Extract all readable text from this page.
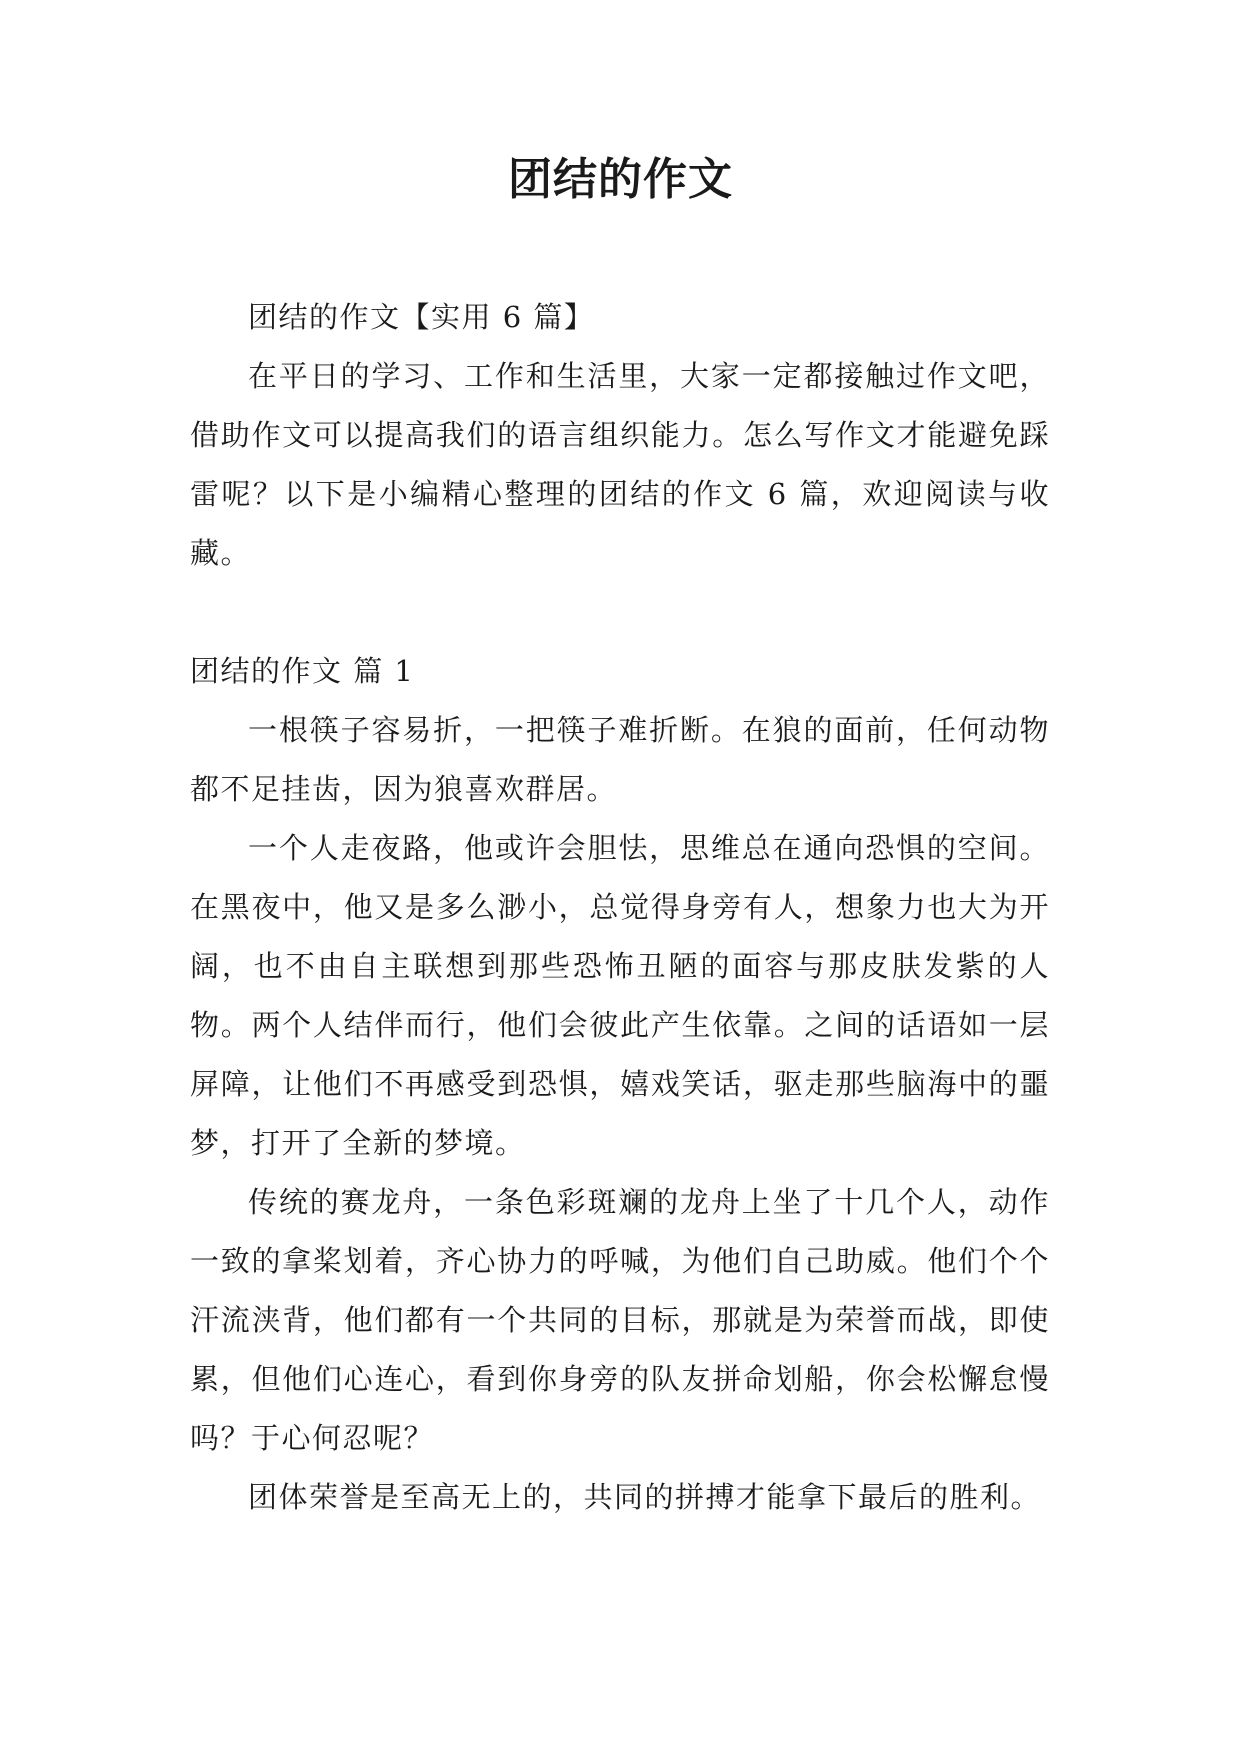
团结的作文

团结的作文【实用 6 篇】

在平日的学习、工作和生活里，大家一定都接触过作文吧，借助作文可以提高我们的语言组织能力。怎么写作文才能避免踩雷呢？以下是小编精心整理的团结的作文 6 篇，欢迎阅读与收藏。

团结的作文 篇 1

一根筷子容易折，一把筷子难折断。在狼的面前，任何动物都不足挂齿，因为狼喜欢群居。

一个人走夜路，他或许会胆怯，思维总在通向恐惧的空间。在黑夜中，他又是多么渺小，总觉得身旁有人，想象力也大为开阔，也不由自主联想到那些恐怖丑陋的面容与那皮肤发紫的人物。两个人结伴而行，他们会彼此产生依靠。之间的话语如一层屏障，让他们不再感受到恐惧，嬉戏笑话，驱走那些脑海中的噩梦，打开了全新的梦境。

传统的赛龙舟，一条色彩斑斓的龙舟上坐了十几个人，动作一致的拿桨划着，齐心协力的呼喊，为他们自己助威。他们个个汗流浃背，他们都有一个共同的目标，那就是为荣誉而战，即使累，但他们心连心，看到你身旁的队友拼命划船，你会松懈怠慢吗？于心何忍呢？

团体荣誉是至高无上的，共同的拼搏才能拿下最后的胜利。
